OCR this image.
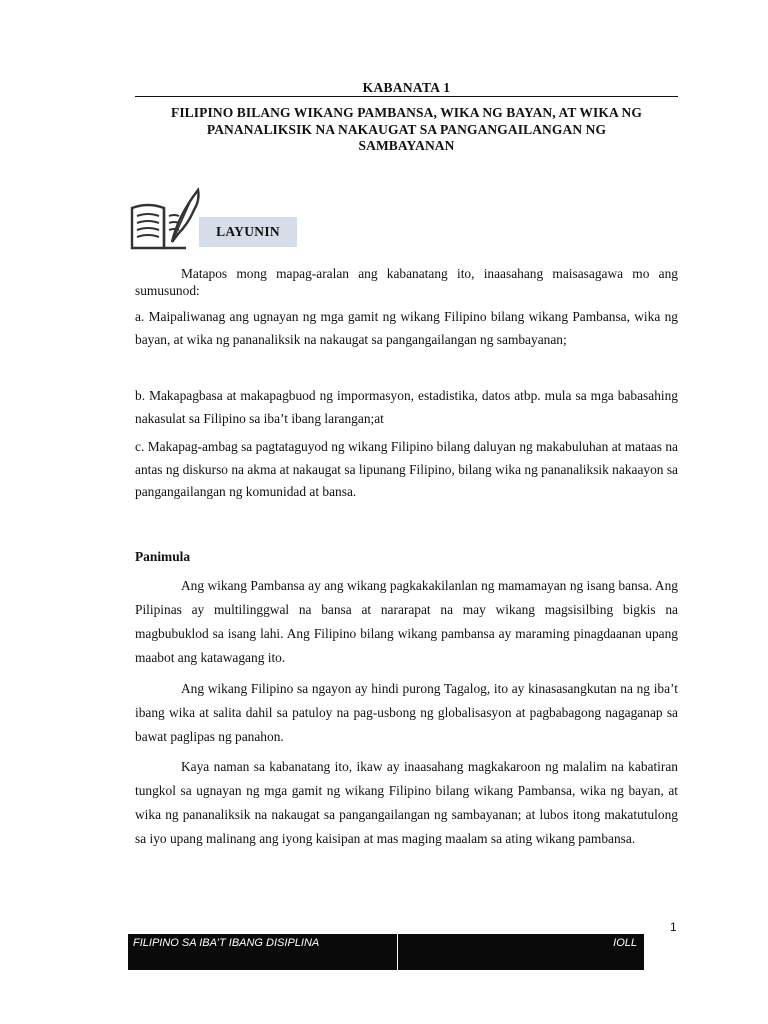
KABANATA 1
FILIPINO BILANG WIKANG PAMBANSA, WIKA NG BAYAN, AT WIKA NG
PANANALIKSIK NA NAKAUGAT SA PANGANGAILANGAN NG
SAMBAYANAN
LAYUNIN

Matapos mong mapag-aralan ang kabanatang ito, inaasahang maisasagawa mo ang sumusunod:

a. Maipaliwanag ang ugnayan ng mga gamit ng wikang Filipino bilang wikang Pambansa, wika ng bayan, at wika ng pananaliksik na nakaugat sa pangangailangan ng sambayanan;

b. Makapagbasa at makapagbuod ng impormasyon, estadistika, datos atbp. mula sa mga babasahing nakasulat sa Filipino sa iba’t ibang larangan;at

c. Makapag-ambag sa pagtataguyod ng wikang Filipino bilang daluyan ng makabuluhan at mataas na antas ng diskurso na akma at nakaugat sa lipunang Filipino, bilang wika ng pananaliksik nakaayon sa pangangailangan ng komunidad at bansa.

Panimula

Ang wikang Pambansa ay ang wikang pagkakakilanlan ng mamamayan ng isang bansa. Ang Pilipinas ay multilinggwal na bansa at nararapat na may wikang magsisilbing bigkis na magbubuklod sa isang lahi. Ang Filipino bilang wikang pambansa ay maraming pinagdaanan upang maabot ang katawagang ito.

Ang wikang Filipino sa ngayon ay hindi purong Tagalog, ito ay kinasasangkutan na ng iba’t ibang wika at salita dahil sa patuloy na pag-usbong ng globalisasyon at pagbabagong nagaganap sa bawat paglipas ng panahon.

Kaya naman sa kabanatang ito, ikaw ay inaasahang magkakaroon ng malalim na kabatiran tungkol sa ugnayan ng mga gamit ng wikang Filipino bilang wikang Pambansa, wika ng bayan, at wika ng pananaliksik na nakaugat sa pangangailangan ng sambayanan; at lubos itong makatutulong sa iyo upang malinang ang iyong kaisipan at mas maging maalam sa ating wikang pambansa.

1
FILIPINO SA IBA’T IBANG DISIPLINA	IOLL
